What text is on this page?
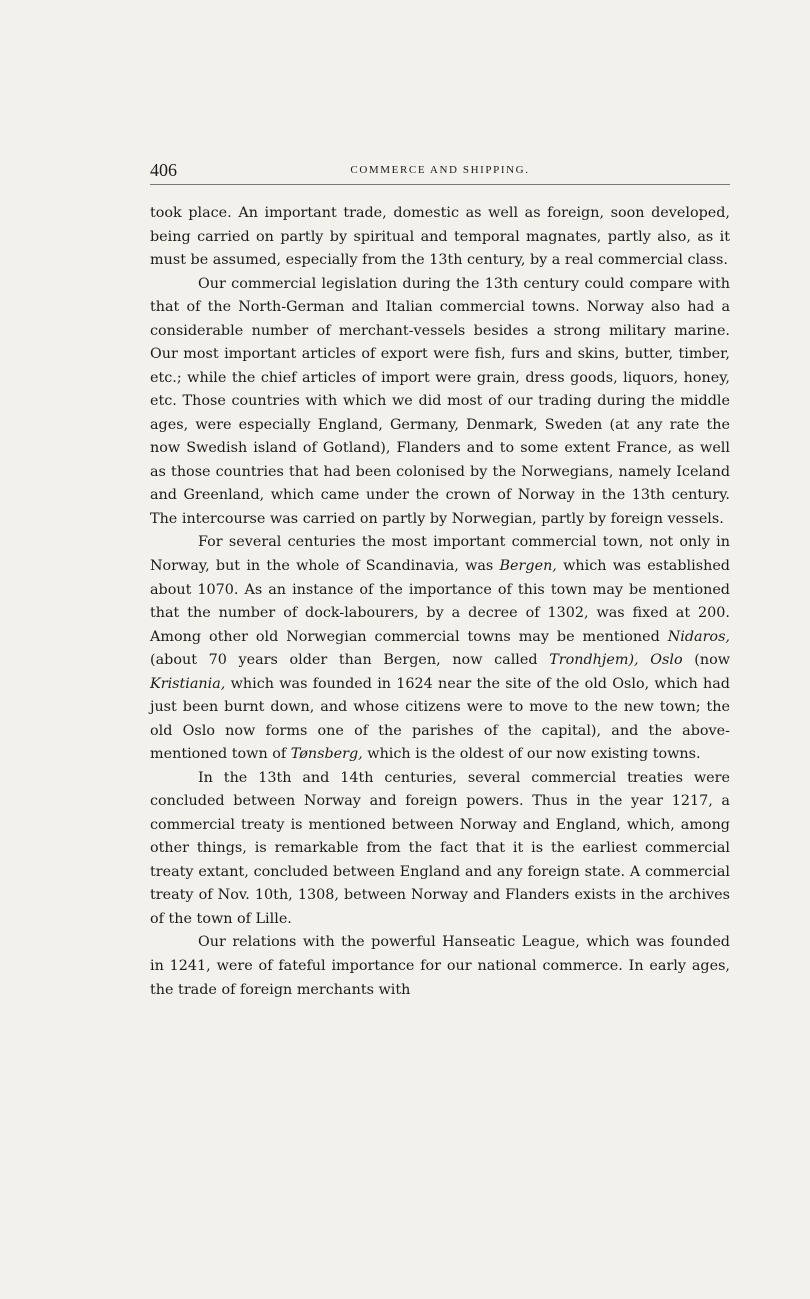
406	COMMERCE AND SHIPPING.

took place. An important trade, domestic as well as foreign, soon developed, being carried on partly by spiritual and temporal magnates, partly also, as it must be assumed, especially from the 13th century, by a real commercial class.

Our commercial legislation during the 13th century could compare with that of the North-German and Italian commercial towns. Norway also had a considerable number of merchant-vessels besides a strong military marine. Our most important articles of export were fish, furs and skins, butter, timber, etc.; while the chief articles of import were grain, dress goods, liquors, honey, etc. Those countries with which we did most of our trading during the middle ages, were especially England, Germany, Denmark, Sweden (at any rate the now Swedish island of Gotland), Flanders and to some extent France, as well as those countries that had been colonised by the Norwegians, namely Iceland and Greenland, which came under the crown of Norway in the 13th century. The intercourse was carried on partly by Norwegian, partly by foreign vessels.

For several centuries the most important commercial town, not only in Norway, but in the whole of Scandinavia, was Bergen, which was established about 1070. As an instance of the importance of this town may be mentioned that the number of dock-labourers, by a decree of 1302, was fixed at 200. Among other old Norwegian commercial towns may be mentioned Nidaros, (about 70 years older than Bergen, now called Trondhjem), Oslo (now Kristiania, which was founded in 1624 near the site of the old Oslo, which had just been burnt down, and whose citizens were to move to the new town; the old Oslo now forms one of the parishes of the capital), and the above-mentioned town of Tønsberg, which is the oldest of our now existing towns.

In the 13th and 14th centuries, several commercial treaties were concluded between Norway and foreign powers. Thus in the year 1217, a commercial treaty is mentioned between Norway and England, which, among other things, is remarkable from the fact that it is the earliest commercial treaty extant, concluded between England and any foreign state. A commercial treaty of Nov. 10th, 1308, between Norway and Flanders exists in the archives of the town of Lille.

Our relations with the powerful Hanseatic League, which was founded in 1241, were of fateful importance for our national commerce. In early ages, the trade of foreign merchants with
